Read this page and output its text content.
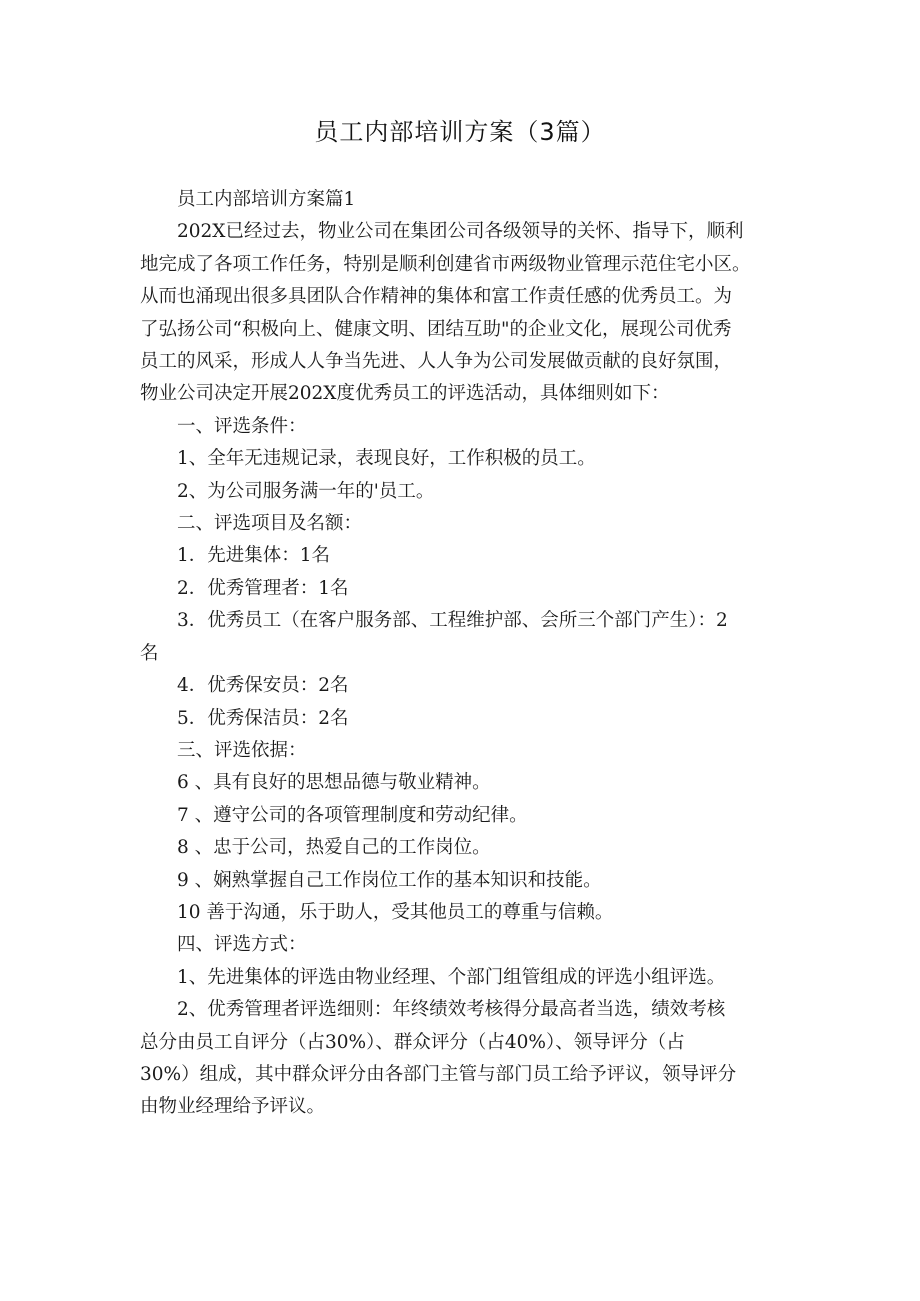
员工内部培训方案（3篇）

员工内部培训方案篇1

202X已经过去，物业公司在集团公司各级领导的关怀、指导下，顺利

地完成了各项工作任务，特别是顺利创建省市两级物业管理示范住宅小区。

从而也涌现出很多具团队合作精神的集体和富工作责任感的优秀员工。为

了弘扬公司“积极向上、健康文明、团结互助"的企业文化，展现公司优秀

员工的风采，形成人人争当先进、人人争为公司发展做贡献的良好氛围，

物业公司决定开展202X度优秀员工的评选活动，具体细则如下：

一、评选条件：

1、全年无违规记录，表现良好，工作积极的员工。

2、为公司服务满一年的'员工。

二、评选项目及名额：

1．先进集体：1名

2．优秀管理者：1名

3．优秀员工（在客户服务部、工程维护部、会所三个部门产生）：2

名

4．优秀保安员：2名

5．优秀保洁员：2名

三、评选依据：

6 、具有良好的思想品德与敬业精神。

7 、遵守公司的各项管理制度和劳动纪律。

8 、忠于公司，热爱自己的工作岗位。

9 、娴熟掌握自己工作岗位工作的基本知识和技能。

10 善于沟通，乐于助人，受其他员工的尊重与信赖。

四、评选方式：

1、先进集体的评选由物业经理、个部门组管组成的评选小组评选。

2、优秀管理者评选细则：年终绩效考核得分最高者当选，绩效考核

总分由员工自评分（占30%）、群众评分（占40%）、领导评分（占

30%）组成，其中群众评分由各部门主管与部门员工给予评议，领导评分

由物业经理给予评议。
